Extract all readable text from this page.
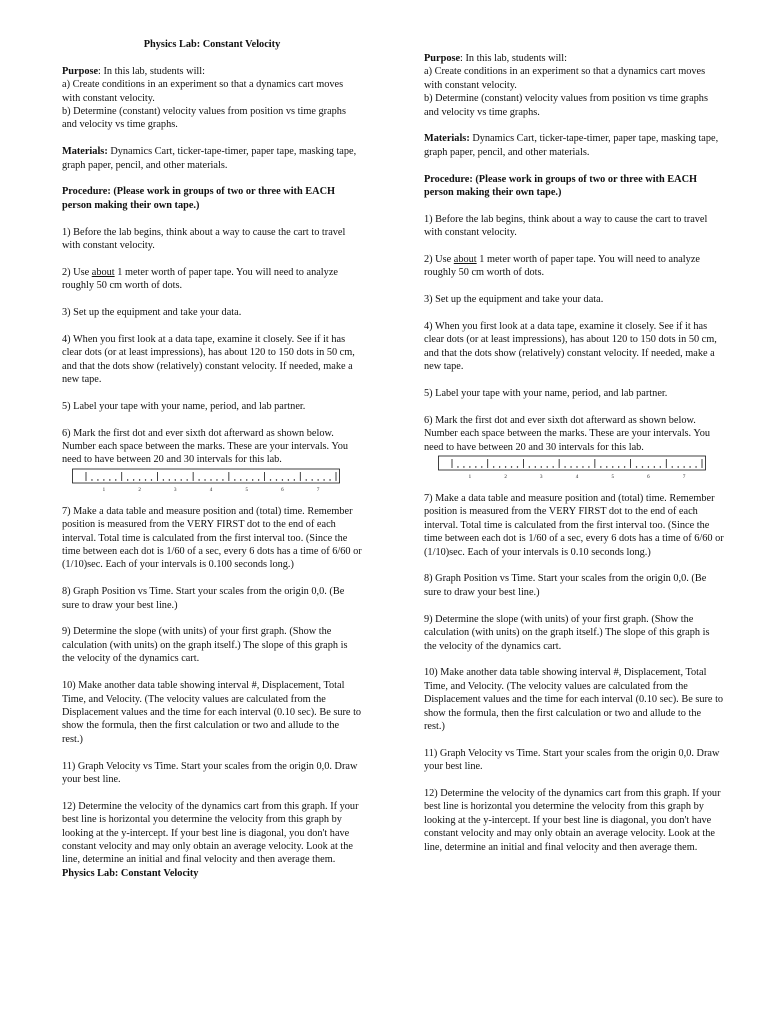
Physics Lab: Constant Velocity

Purpose: In this lab, students will:
a) Create conditions in an experiment so that a dynamics cart moves with constant velocity.
b) Determine (constant) velocity values from position vs time graphs and velocity vs time graphs.

Materials: Dynamics Cart, ticker-tape-timer, paper tape, masking tape, graph paper, pencil, and other materials.

Procedure: (Please work in groups of two or three with EACH person making their own tape.)

1) Before the lab begins, think about a way to cause the cart to travel with constant velocity.

2) Use about 1 meter worth of paper tape. You will need to analyze roughly 50 cm worth of dots.

3) Set up the equipment and take your data.

4) When you first look at a data tape, examine it closely. See if it has clear dots (or at least impressions), has about 120 to 150 dots in 50 cm, and that the dots show (relatively) constant velocity. If needed, make a new tape.

5) Label your tape with your name, period, and lab partner.

6) Mark the first dot and ever sixth dot afterward as shown below. Number each space between the marks. These are your intervals. You need to have between 20 and 30 intervals for this lab.

1	2	3	4	5	6	7

7) Make a data table and measure position and (total) time. Remember position is measured from the VERY FIRST dot to the end of each interval. Total time is calculated from the first interval too. (Since the time between each dot is 1/60 of a sec, every 6 dots has a time of 6/60 or (1/10)sec. Each of your intervals is 0.100 seconds long.)

8) Graph Position vs Time. Start your scales from the origin 0,0. (Be sure to draw your best line.)

9) Determine the slope (with units) of your first graph. (Show the calculation (with units) on the graph itself.) The slope of this graph is the velocity of the dynamics cart.

10) Make another data table showing interval #, Displacement, Total Time, and Velocity. (The velocity values are calculated from the Displacement values and the time for each interval (0.10 sec). Be sure to show the formula, then the first calculation or two and allude to the rest.)

11) Graph Velocity vs Time. Start your scales from the origin 0,0. Draw your best line.

12) Determine the velocity of the dynamics cart from this graph. If your best line is horizontal you determine the velocity from this graph by looking at the y-intercept. If your best line is diagonal, you don't have constant velocity and may only obtain an average velocity. Look at the line, determine an initial and final velocity and then average them.

Physics Lab: Constant Velocity

Purpose: In this lab, students will:
a) Create conditions in an experiment so that a dynamics cart moves with constant velocity.
b) Determine (constant) velocity values from position vs time graphs and velocity vs time graphs.

Materials: Dynamics Cart, ticker-tape-timer, paper tape, masking tape, graph paper, pencil, and other materials.

Procedure: (Please work in groups of two or three with EACH person making their own tape.)

1) Before the lab begins, think about a way to cause the cart to travel with constant velocity.

2) Use about 1 meter worth of paper tape. You will need to analyze roughly 50 cm worth of dots.

3) Set up the equipment and take your data.

4) When you first look at a data tape, examine it closely. See if it has clear dots (or at least impressions), has about 120 to 150 dots in 50 cm, and that the dots show (relatively) constant velocity. If needed, make a new tape.

5) Label your tape with your name, period, and lab partner.

6) Mark the first dot and ever sixth dot afterward as shown below. Number each space between the marks. These are your intervals. You need to have between 20 and 30 intervals for this lab.

1	2	3	4	5	6	7

7) Make a data table and measure position and (total) time. Remember position is measured from the VERY FIRST dot to the end of each interval. Total time is calculated from the first interval too. (Since the time between each dot is 1/60 of a sec, every 6 dots has a time of 6/60 or (1/10)sec. Each of your intervals is 0.10 seconds long.)

8) Graph Position vs Time. Start your scales from the origin 0,0. (Be sure to draw your best line.)

9) Determine the slope (with units) of your first graph. (Show the calculation (with units) on the graph itself.) The slope of this graph is the velocity of the dynamics cart.

10) Make another data table showing interval #, Displacement, Total Time, and Velocity. (The velocity values are calculated from the Displacement values and the time for each interval (0.10 sec). Be sure to show the formula, then the first calculation or two and allude to the rest.)

11) Graph Velocity vs Time. Start your scales from the origin 0,0. Draw your best line.

12) Determine the velocity of the dynamics cart from this graph. If your best line is horizontal you determine the velocity from this graph by looking at the y-intercept. If your best line is diagonal, you don't have constant velocity and may only obtain an average velocity. Look at the line, determine an initial and final velocity and then average them.
